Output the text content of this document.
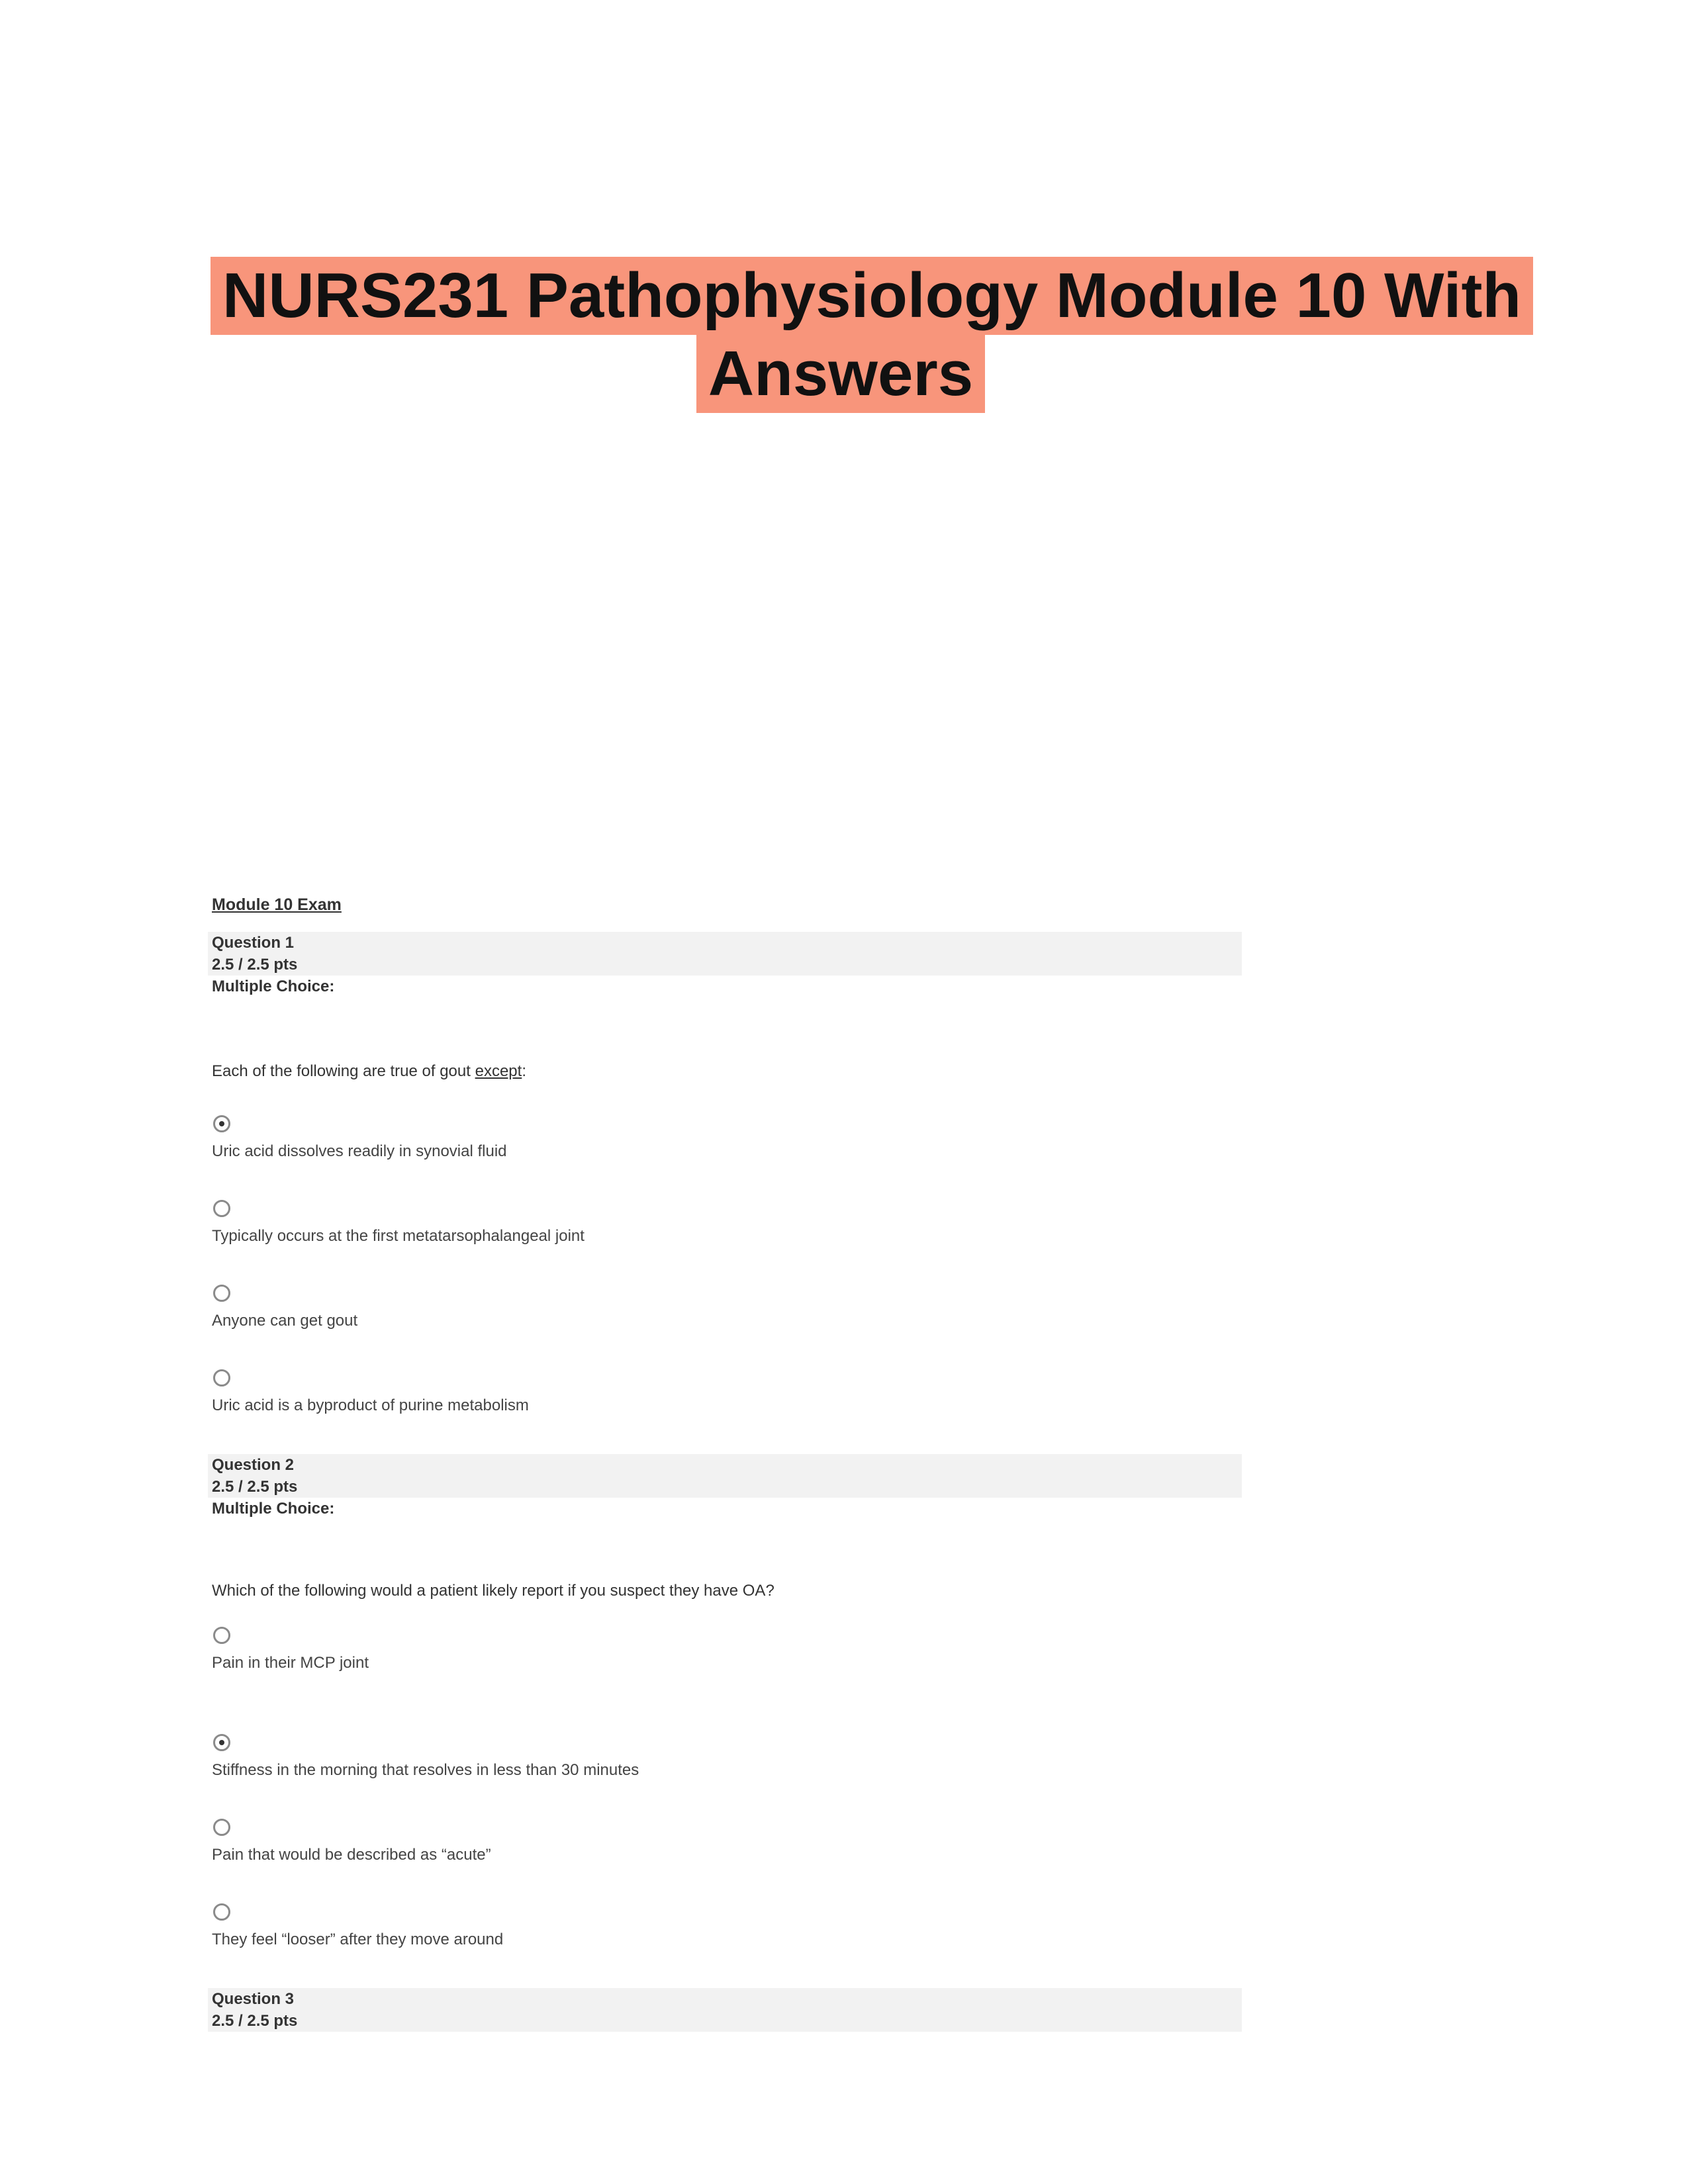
NURS231 Pathophysiology Module 10 With
Answers
Module 10 Exam
Question 1
2.5 / 2.5 pts
Multiple Choice:
Each of the following are true of gout except:
Uric acid dissolves readily in synovial fluid
Typically occurs at the first metatarsophalangeal joint
Anyone can get gout
Uric acid is a byproduct of purine metabolism
Question 2
2.5 / 2.5 pts
Multiple Choice:
Which of the following would a patient likely report if you suspect they have OA?
Pain in their MCP joint
Stiffness in the morning that resolves in less than 30 minutes
Pain that would be described as “acute”
They feel “looser” after they move around
Question 3
2.5 / 2.5 pts
